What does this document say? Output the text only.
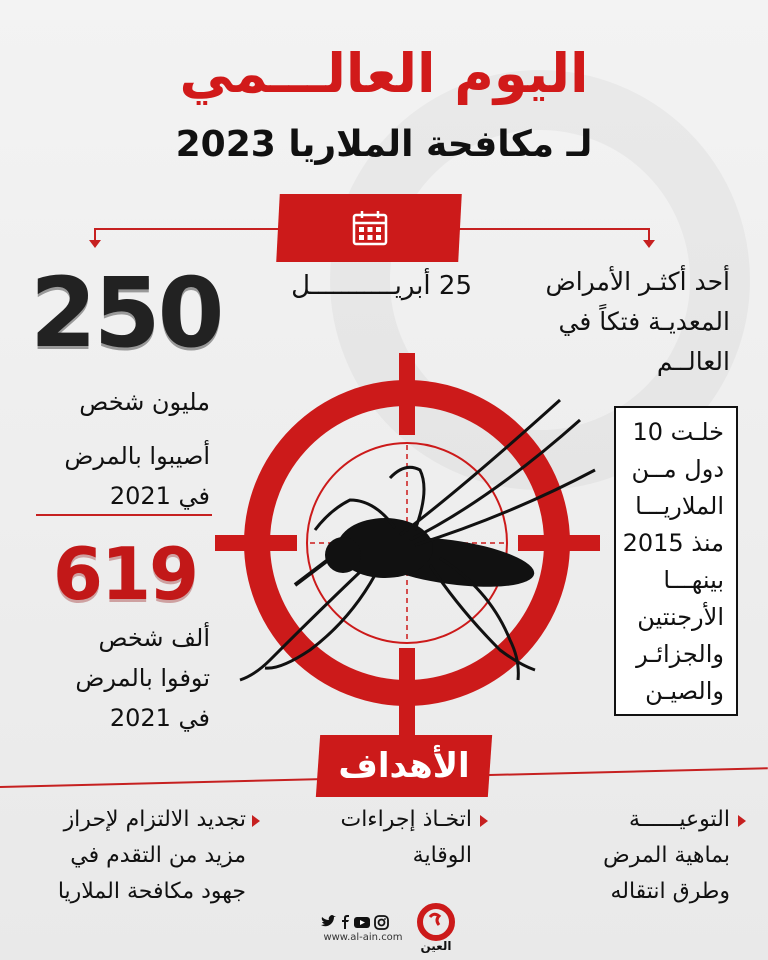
اليوم العالـــمي
لـ مكافحة الملاريا 2023
25 أبريـــــــــــل	أحد أكثـر الأمراض
المعديـة فتكاً في
العالــم
250
مليون شخص
أصيبوا بالمرض
في 2021
619
ألف شخص
توفوا بالمرض
في 2021
خلـت 10
دول مــن
الملاريـــا
منذ 2015
بينهـــا
الأرجنتين
والجزائـر
والصيـن
الأهداف
التوعيــــــة
بماهية المرض
وطرق انتقاله
اتخـاذ إجراءات
الوقاية
تجديد الالتزام لإحراز
مزيد من التقدم في
جهود مكافحة الملاريا
www.al-ain.com
العين
